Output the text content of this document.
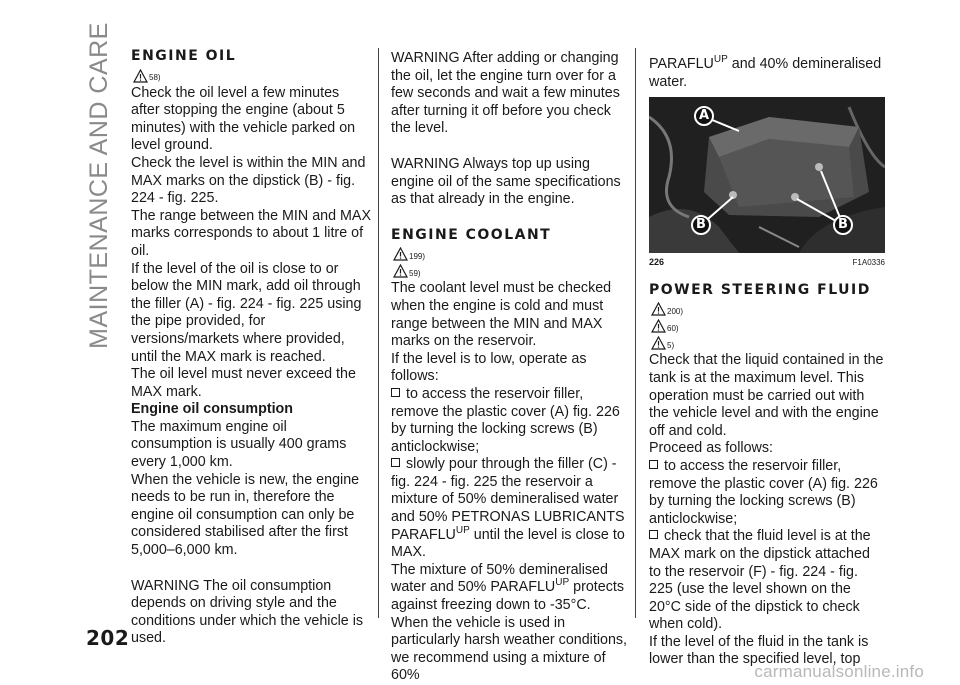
MAINTENANCE AND CARE ENGINE OIL
58)

Check the oil level a few minutes after stopping the engine (about 5 minutes) with the vehicle parked on level ground.

Check the level is within the MIN and MAX marks on the dipstick (B) - fig. 224 - fig. 225.

The range between the MIN and MAX marks corresponds to about 1 litre of oil.

If the level of the oil is close to or below the MIN mark, add oil through the filler (A) - fig. 224 - fig. 225 using the pipe provided, for versions/markets where provided, until the MAX mark is reached.

The oil level must never exceed the MAX mark.

Engine oil consumption

The maximum engine oil consumption is usually 400 grams every 1,000 km.

When the vehicle is new, the engine needs to be run in, therefore the engine oil consumption can only be considered stabilised after the first 5,000–6,000 km.

WARNING The oil consumption depends on driving style and the conditions under which the vehicle is used.

WARNING After adding or changing the oil, let the engine turn over for a few seconds and wait a few minutes after turning it off before you check the level.

WARNING Always top up using engine oil of the same specifications as that already in the engine.

ENGINE COOLANT
199)
59)

The coolant level must be checked when the engine is cold and must range between the MIN and MAX marks on the reservoir.

If the level is to low, operate as follows:

to access the reservoir filler, remove the plastic cover (A) fig. 226 by turning the locking screws (B) anticlockwise;

slowly pour through the filler (C) - fig. 224 - fig. 225 the reservoir a mixture of 50% demineralised water and 50% PETRONAS LUBRICANTS $PARAFLU^{UP}$ until the level is close to MAX.

The mixture of 50% demineralised water and 50% $PARAFLU^{UP}$ protects against freezing down to -35°C.

When the vehicle is used in particularly harsh weather conditions, we recommend using a mixture of 60%

$PARAFLU^{UP}$ and 40% demineralised water.

A
B	B
226	F1A0336
POWER STEERING FLUID
200)
60)
5)

Check that the liquid contained in the tank is at the maximum level. This operation must be carried out with the vehicle level and with the engine off and cold.

Proceed as follows:

to access the reservoir filler, remove the plastic cover (A) fig. 226 by turning the locking screws (B) anticlockwise;

check that the fluid level is at the MAX mark on the dipstick attached to the reservoir (F) - fig. 224 - fig. 225 (use the level shown on the 20°C side of the dipstick to check when cold).

If the level of the fluid in the tank is lower than the specified level, top

202
carmanualsonline.info
